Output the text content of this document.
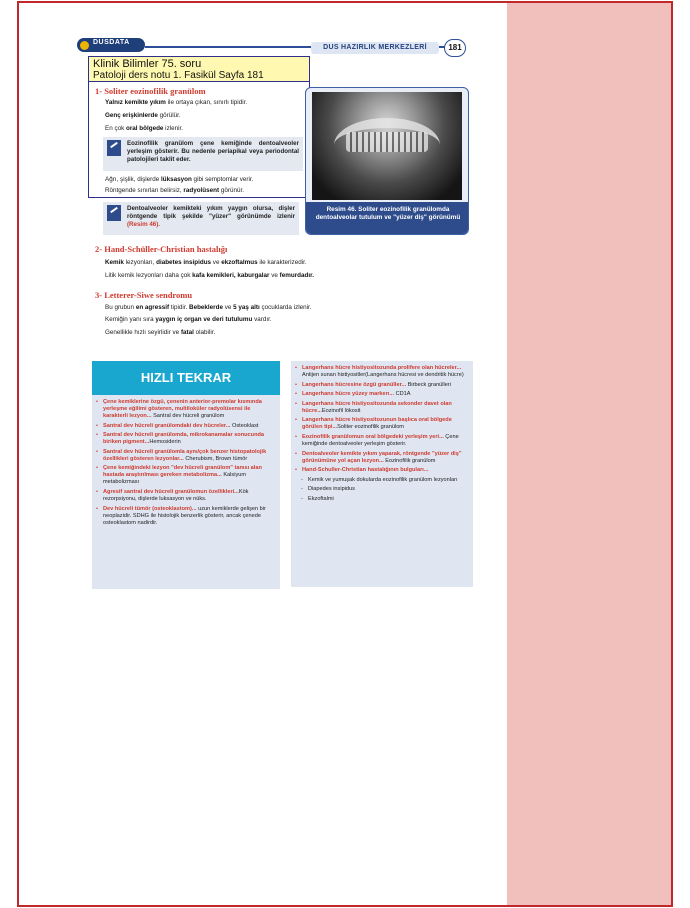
DUSDATA
DUS HAZIRLIK MERKEZLERİ	181
Klinik Bilimler 75. soru
Patoloji ders notu 1. Fasikül Sayfa 181
1- Soliter eozinofilik granülom
Yalnız kemikte yıkım ile ortaya çıkan, sınırlı tipidir.
Genç erişkinlerde görülür.
En çok oral bölgede izlenir.
Eozinofilik granülom çene kemiğinde dentoalveoler yerleşim gösterir. Bu nedenle periapikal veya periodontal patolojileri taklit eder.
Ağrı, şişlik, dişlerde lüksasyon gibi semptomlar verir.
Röntgende sınırları belirsiz, radyolüsent görünür.
Dentoalveoler kemikteki yıkım yaygın olursa, dişler röntgende tipik şekilde "yüzer" görünümde izlenir (Resim 46).
Resim 46. Soliter eozinofilik granülomda dentoalveolar tutulum ve "yüzer diş" görünümü
2- Hand-Schüller-Christian hastalığı
Kemik lezyonları, diabetes insipidus ve ekzoftalmus ile karakterizedir.
Litik kemik lezyonları daha çok kafa kemikleri, kaburgalar ve femurdadır.
3- Letterer-Siwe sendromu
Bu grubun en agressif tipidir. Bebeklerde ve 5 yaş altı çocuklarda izlenir.
Kemiğin yanı sıra yaygın iç organ ve deri tutulumu vardır.
Genellikle hızlı seyirlidir ve fatal olabilir.
HIZLI TEKRAR
• Çene kemiklerine özgü, çenenin anterior-premolar kısmında yerleşme eğilimi gösteren, multiloküler radyolüsensi ile karakterli lezyon... Santral dev hücreli granülom
• Santral dev hücreli granülomdaki dev hücreler... Osteoklast
• Santral dev hücreli granülomda, mikrokanamalar sonucunda biriken pigment...Hemosiderin
• Santral dev hücreli granülomla aynı/çok benzer histopatolojik özellikleri gösteren lezyonlar... Cherubism, Brown tümör
• Çene kemiğindeki lezyon "dev hücreli granülom" tanısı alan hastada araştırılması gereken metabolizma... Kalsiyum metabolizması
• Agresif santral dev hücreli granülomun özellikleri...Kök rezorpsiyonu, dişlerde luksasyon ve nüks.
• Dev hücreli tümör (osteoklastom)... uzun kemiklerde gelişen bir neoplazidir. SDHG ile histolojik benzerlik gösterir, ancak çenede osteoklastom nadirdir.
• Langerhans hücre histiyositozunda prolifere olan hücreler... Antijen sunan histiyositler(Langerhans hücresi ve dendritik hücre)
• Langerhans hücresine özgü granüller... Birbeck granülleri
• Langerhans hücre yüzey markerı... CD1A
• Langerhans hücre histiyositozunda sekonder davet olan hücre...Eozinofil lökosit
• Langerhans hücre histiyositozunun başlıca oral bölgede görülen tipi...Soliter eozinofilik granülom
• Eozinofilik granülomun oral bölgedeki yerleşim yeri... Çene kemiğinde dentoalveoler yerleşim gösterir.
• Dentoalveoler kemikte yıkım yaparak, röntgende "yüzer diş" görünümüne yol açan lezyon... Eozinofilik granülom
• Hand-Schuller-Christian hastalığının bulguları...
- Kemik ve yumuşak dokularda eozinofilik granülom lezyonları
- Diapedes insipidus
- Ekzoftalmi
